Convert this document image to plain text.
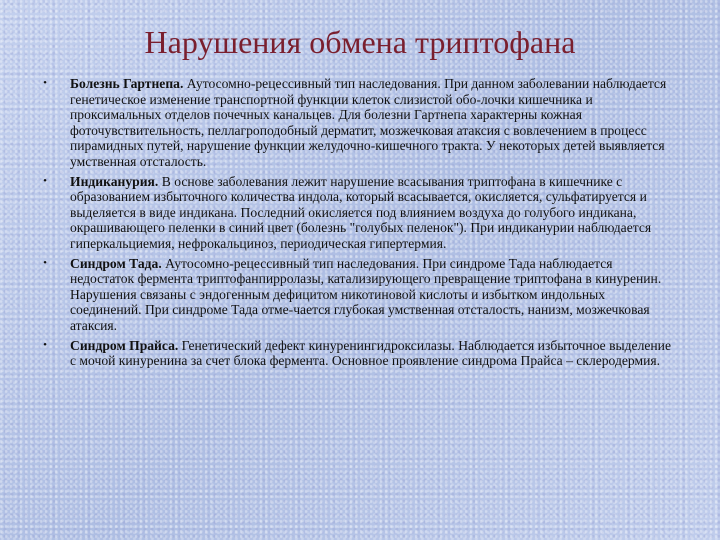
Нарушения обмена триптофана

• Болезнь Гартнепа. Аутосомно-рецессивный тип наследования. При данном заболевании наблюдается генетическое изменение транспортной функции клеток слизистой обо-лочки кишечника и проксимальных отделов почечных канальцев. Для болезни Гартнепа характерны кожная фоточувствительность, пеллагроподобный дерматит, мозжечковая атаксия с вовлечением в процесс пирамидных путей, нарушение функции желудочно-кишечного тракта. У некоторых детей выявляется умственная отсталость.

• Индиканурия. В основе заболевания лежит нарушение всасывания триптофана в кишечнике с образованием избыточного количества индола, который всасывается, окисляется, сульфатируется и выделяется в виде индикана. Последний окисляется под влиянием воздуха до голубого индикана, окрашивающего пеленки в синий цвет (болезнь "голубых пеленок"). При индиканурии наблюдается гиперкальциемия, нефрокальциноз, периодическая гипертермия.

• Синдром Тада. Аутосомно-рецессивный тип наследования. При синдроме Тада наблюдается недостаток фермента триптофанпирролазы, катализирующего превращение триптофана в кинуренин. Нарушения связаны с эндогенным дефицитом никотиновой кислоты и избытком индольных соединений. При синдроме Тада отме-чается глубокая умственная отсталость, нанизм, мозжечковая атаксия.

• Синдром Прайса. Генетический дефект кинуренингидроксилазы. Наблюдается избыточное выделение с мочой кинуренина за счет блока фермента. Основное проявление синдрома Прайса – склеродермия.
